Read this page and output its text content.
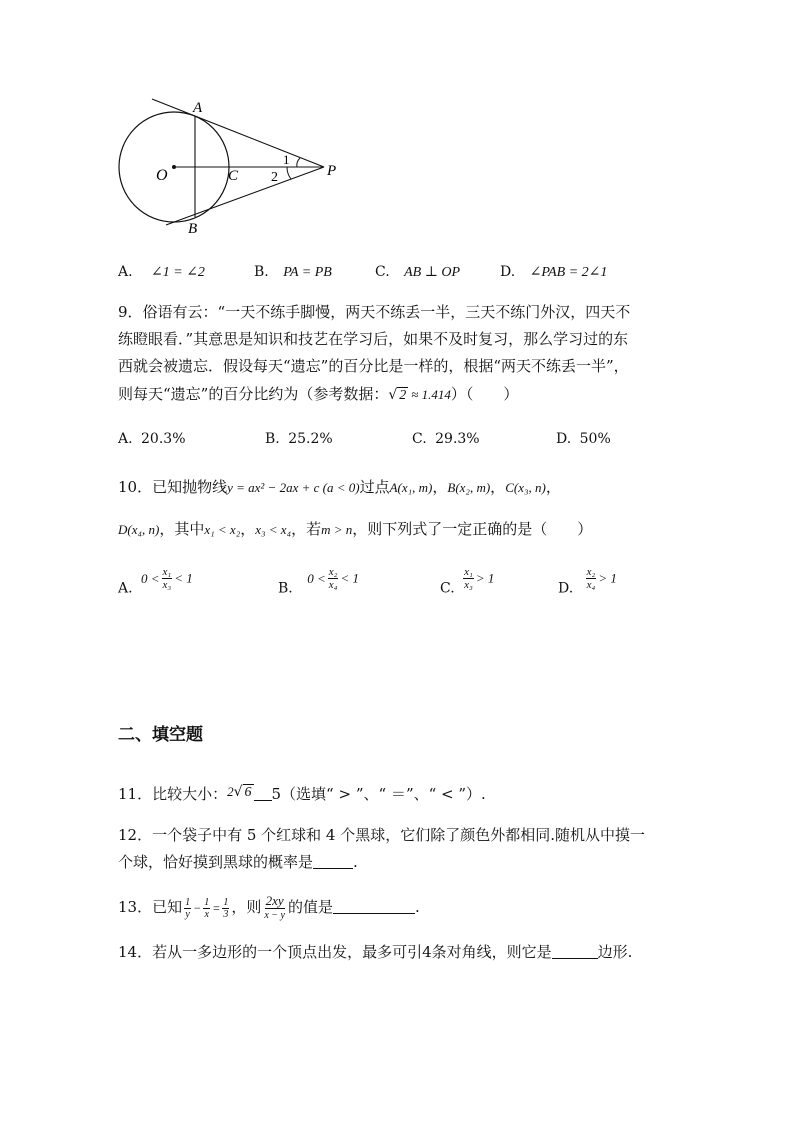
A
B
O	C	P
1
2
A. ∠1 = ∠2	B. PA = PB	C. AB ⊥ OP	D. ∠PAB = 2∠1
9．俗语有云：“一天不练手脚慢，两天不练丢一半，三天不练门外汉，四天不
练瞪眼看．”其意思是知识和技艺在学习后，如果不及时复习，那么学习过的东
西就会被遗忘．假设每天“遗忘”的百分比是一样的，根据“两天不练丢一半”，
则每天“遗忘”的百分比约为（参考数据：√ 2 ≈ 1.414）（　　）
A. 20.3%	B. 25.2%	C. 29.3%	D. 50%
10．已知抛物线y = ax² − 2ax + c (a < 0)过点A(x₁, m)，B(x₂, m)，C(x₃, n)，
D(x₄, n)，其中x₁ < x₂，x₃ < x₄，若m > n，则下列式了一定正确的是（　　）
A. $0 < \frac{\text{x₁}}{\text{x₃}} < 1$
B. $0 < \frac{\text{x₂}}{\text{x₄}} < 1$
C. $\frac{\text{x₁}}{\text{x₃}} > 1$
D. $\frac{\text{x₂}}{\text{x₄}} > 1$
二、填空题
11．比较大小：2√ 6 5（选填“ > ”、“ ＝”、“ < ”）.
12．一个袋子中有 5 个红球和 4 个黑球，它们除了颜色外都相同.随机从中摸一
个球，恰好摸到黑球的概率是	.
13．已知 $\frac{1}{y} - \frac{1}{x} = \frac{1}{3}$ ，则 $\frac{2xy}{x - y}$ 的值是	.
14．若从一多边形的一个顶点出发，最多可引4条对角线，则它是	边形.
